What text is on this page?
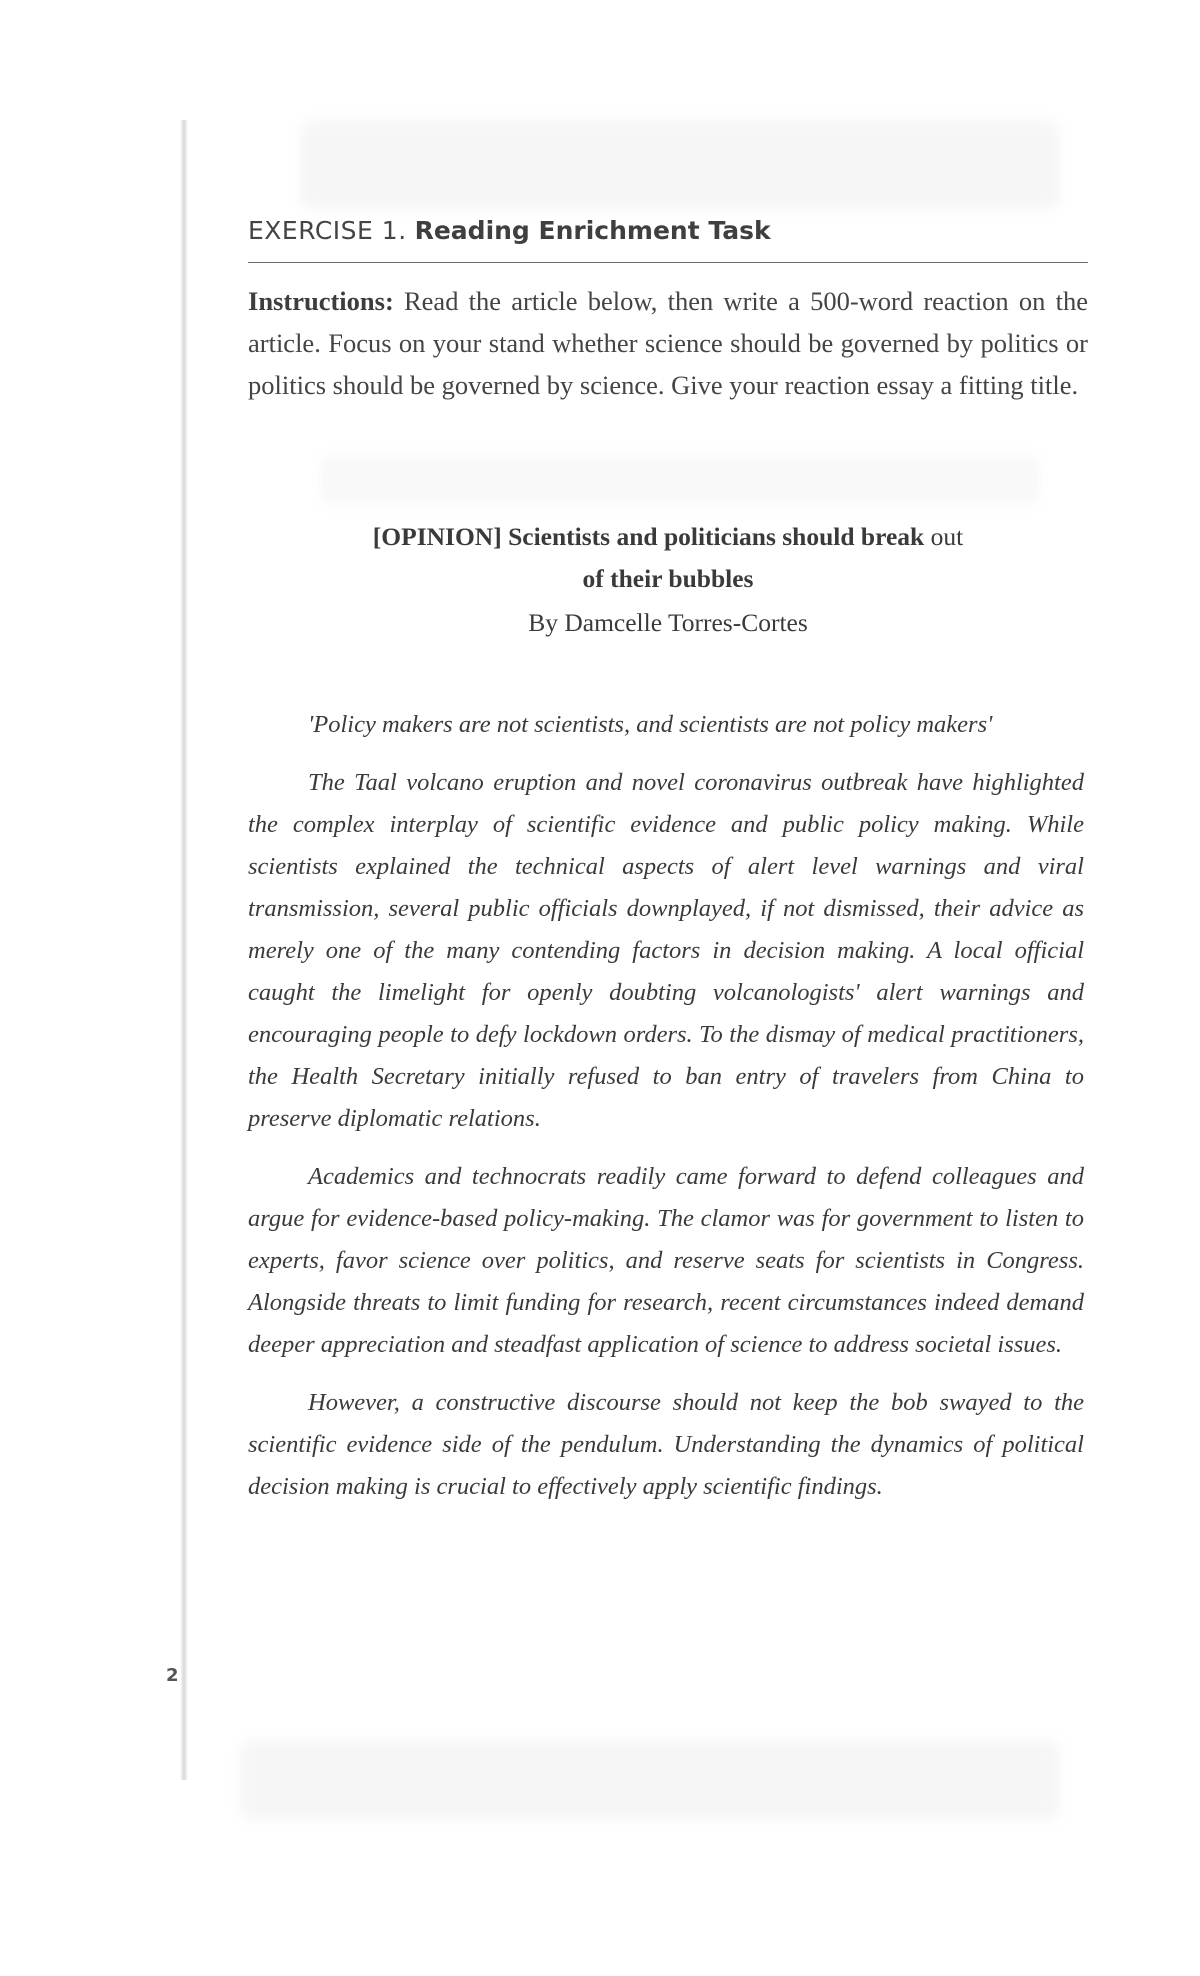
EXERCISE 1. Reading Enrichment Task
Instructions: Read the article below, then write a 500-word reaction on the article. Focus on your stand whether science should be governed by politics or politics should be governed by science. Give your reaction essay a fitting title.
[OPINION] Scientists and politicians should break out
of their bubbles
By Damcelle Torres-Cortes

'Policy makers are not scientists, and scientists are not policy makers'

The Taal volcano eruption and novel coronavirus outbreak have highlighted the complex interplay of scientific evidence and public policy making. While scientists explained the technical aspects of alert level warnings and viral transmission, several public officials downplayed, if not dismissed, their advice as merely one of the many contending factors in decision making. A local official caught the limelight for openly doubting volcanologists' alert warnings and encouraging people to defy lockdown orders. To the dismay of medical practitioners, the Health Secretary initially refused to ban entry of travelers from China to preserve diplomatic relations.

Academics and technocrats readily came forward to defend colleagues and argue for evidence-based policy-making. The clamor was for government to listen to experts, favor science over politics, and reserve seats for scientists in Congress. Alongside threats to limit funding for research, recent circumstances indeed demand deeper appreciation and steadfast application of science to address societal issues.

However, a constructive discourse should not keep the bob swayed to the scientific evidence side of the pendulum. Understanding the dynamics of political decision making is crucial to effectively apply scientific findings.

2
